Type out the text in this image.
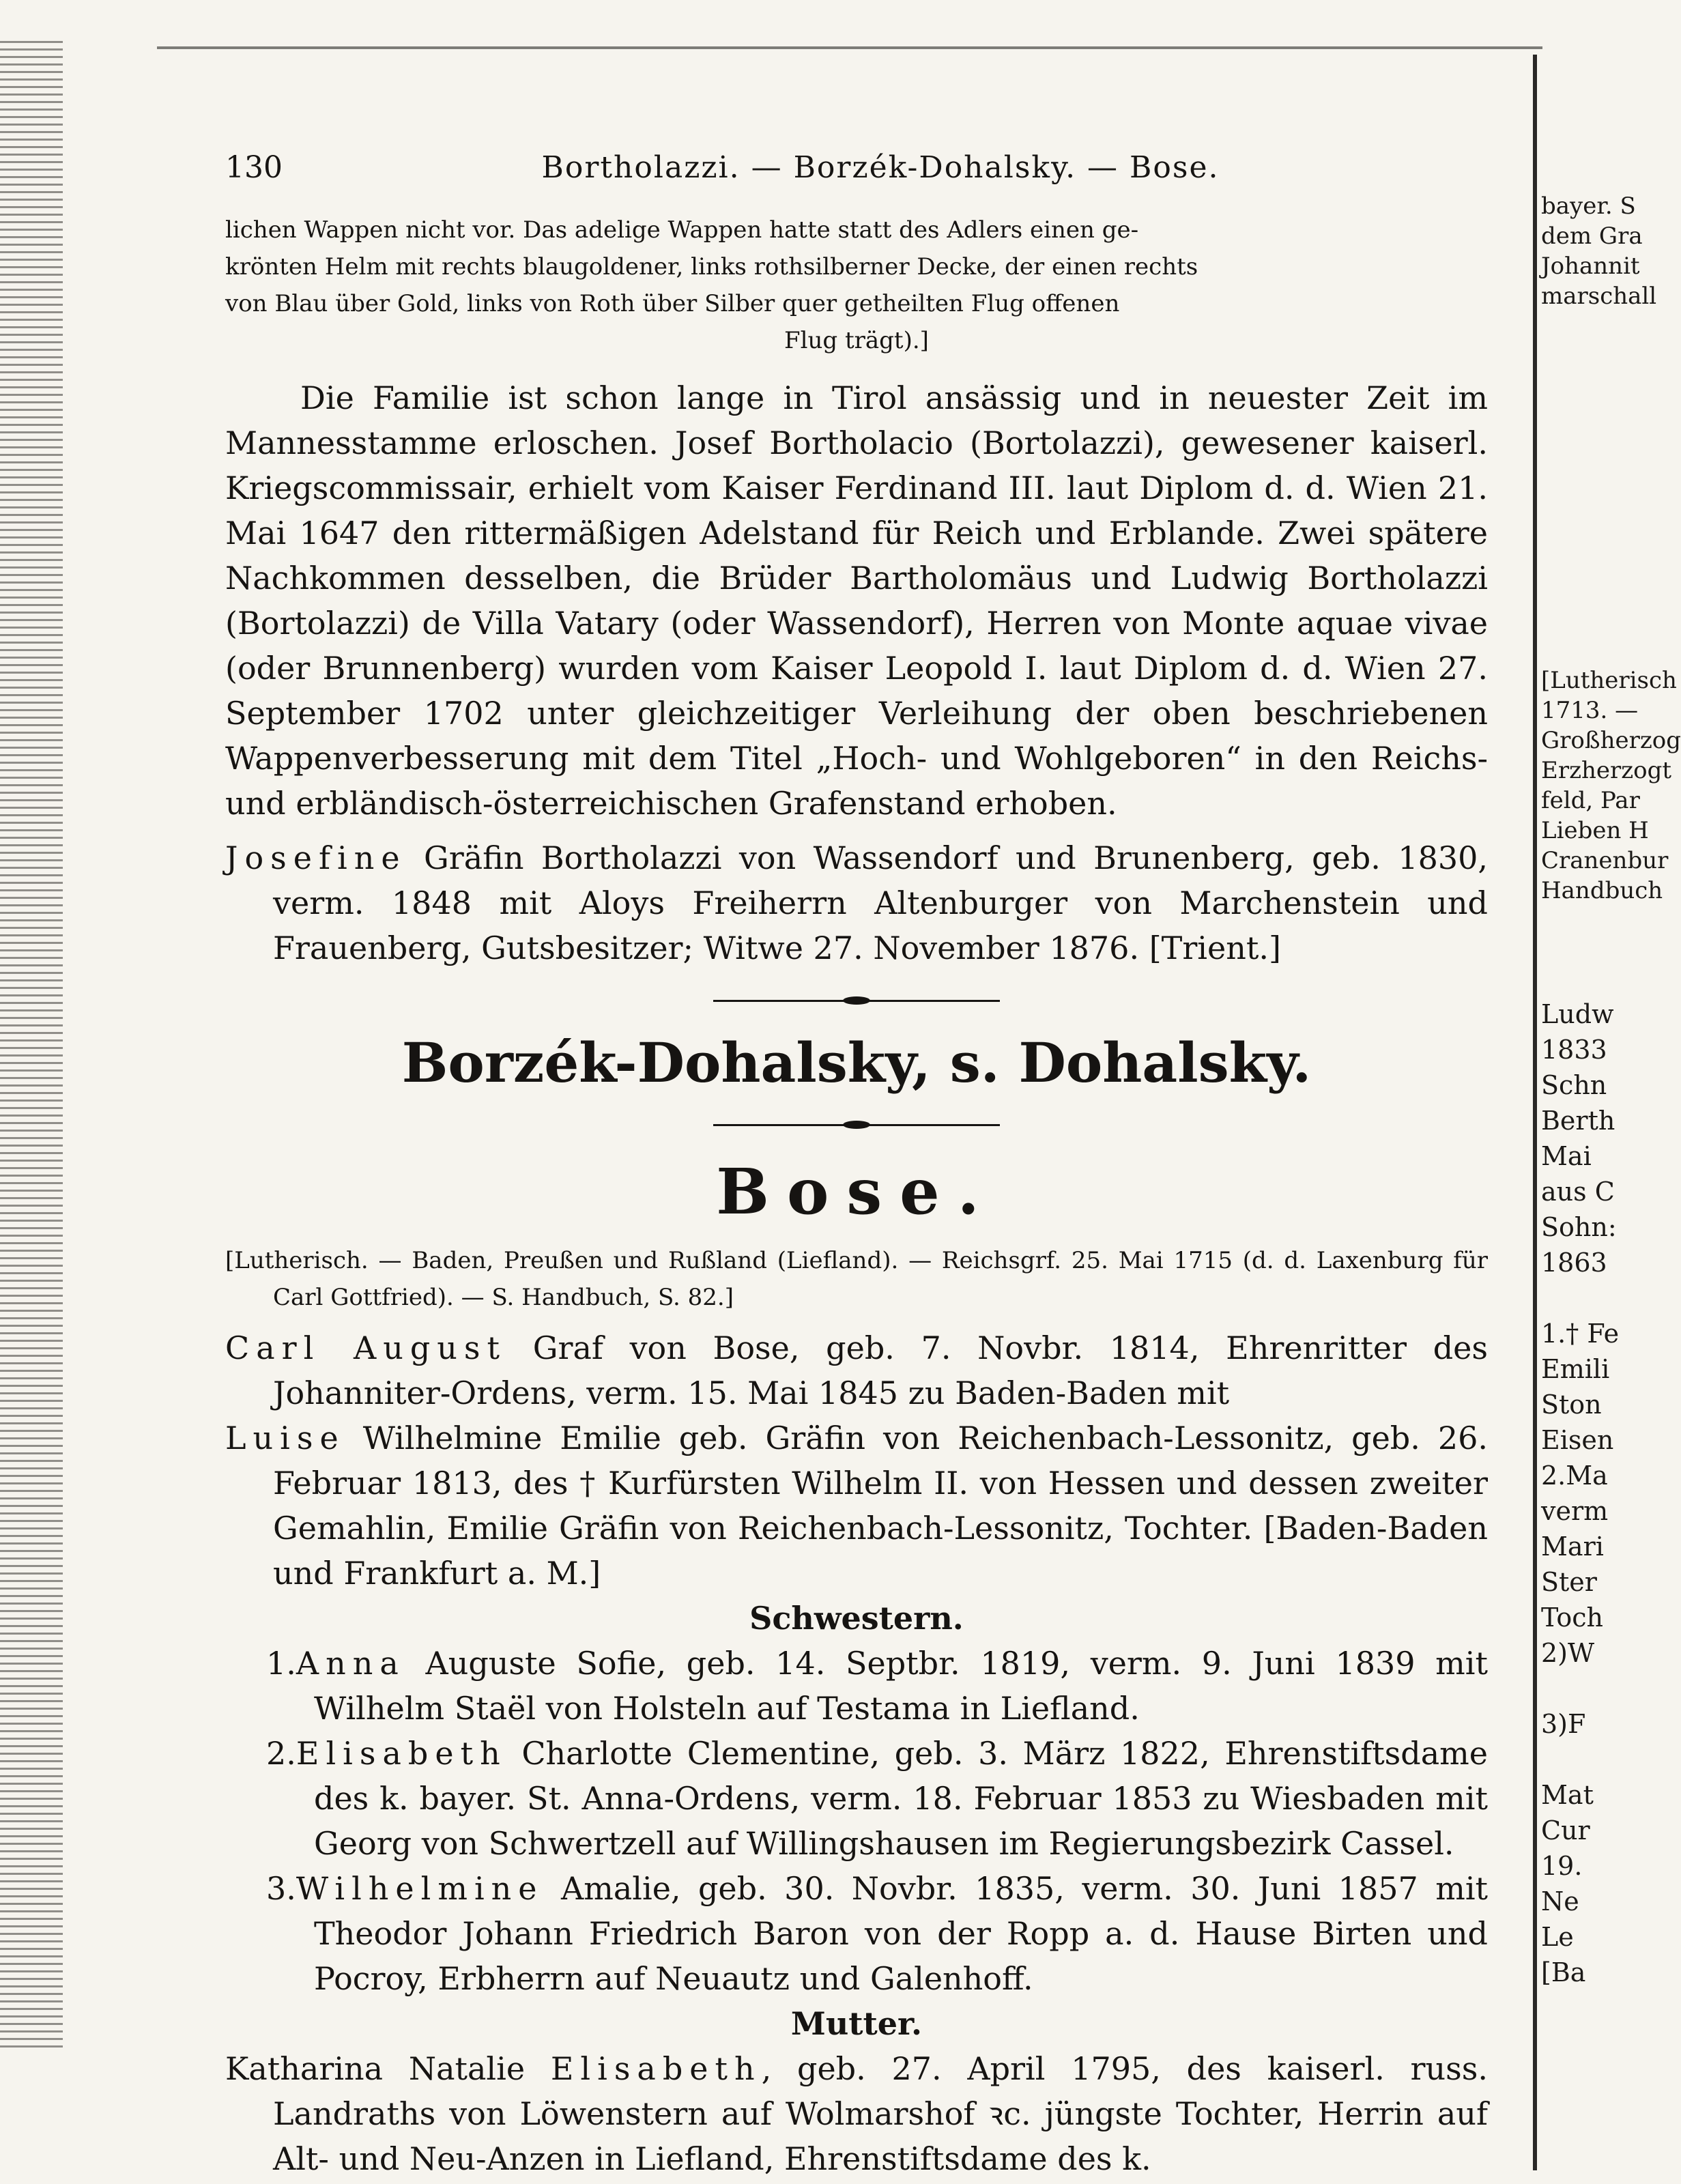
130	Bortholazzi. — Borzék-Dohalsky. — Bose.
lichen Wappen nicht vor. Das adelige Wappen hatte statt des Adlers einen ge-
krönten Helm mit rechts blaugoldener, links rothsilberner Decke, der einen rechts
von Blau über Gold, links von Roth über Silber quer getheilten Flug offenen
Flug trägt).]

Die Familie ist schon lange in Tirol ansässig und in neuester Zeit im Mannesstamme erloschen. Josef Bortholacio (Bortolazzi), gewesener kaiserl. Kriegscommissair, erhielt vom Kaiser Ferdinand III. laut Diplom d. d. Wien 21. Mai 1647 den rittermäßigen Adelstand für Reich und Erblande. Zwei spätere Nachkommen desselben, die Brüder Bartholomäus und Ludwig Bortholazzi (Bortolazzi) de Villa Vatary (oder Wassendorf), Herren von Monte aquae vivae (oder Brunnenberg) wurden vom Kaiser Leopold I. laut Diplom d. d. Wien 27. September 1702 unter gleichzeitiger Verleihung der oben beschriebenen Wappenverbesserung mit dem Titel „Hoch- und Wohlgeboren“ in den Reichs- und erbländisch-österreichischen Grafenstand erhoben.

Josefine Gräfin Bortholazzi von Wassendorf und Brunenberg, geb. 1830, verm. 1848 mit Aloys Freiherrn Altenburger von Marchenstein und Frauenberg, Gutsbesitzer; Witwe 27. November 1876. [Trient.]

Borzék-Dohalsky, s. Dohalsky.
Bose.

[Lutherisch. — Baden, Preußen und Rußland (Liefland). — Reichsgrf. 25. Mai 1715 (d. d. Laxenburg für Carl Gottfried). — S. Handbuch, S. 82.]

Carl August Graf von Bose, geb. 7. Novbr. 1814, Ehrenritter des Johanniter-Ordens, verm. 15. Mai 1845 zu Baden-Baden mit

Luise Wilhelmine Emilie geb. Gräfin von Reichenbach-Lessonitz, geb. 26. Februar 1813, des † Kurfürsten Wilhelm II. von Hessen und dessen zweiter Gemahlin, Emilie Gräfin von Reichenbach-Lessonitz, Tochter. [Baden-Baden und Frankfurt a. M.]

Schwestern.

1.Anna Auguste Sofie, geb. 14. Septbr. 1819, verm. 9. Juni 1839 mit Wilhelm Staël von Holsteln auf Testama in Liefland.

2.Elisabeth Charlotte Clementine, geb. 3. März 1822, Ehrenstiftsdame des k. bayer. St. Anna-Ordens, verm. 18. Februar 1853 zu Wiesbaden mit Georg von Schwertzell auf Willingshausen im Regierungsbezirk Cassel.

3.Wilhelmine Amalie, geb. 30. Novbr. 1835, verm. 30. Juni 1857 mit Theodor Johann Friedrich Baron von der Ropp a. d. Hause Birten und Pocroy, Erbherrn auf Neuautz und Galenhoff.

Mutter.

Katharina Natalie Elisabeth, geb. 27. April 1795, des kaiserl. russ. Landraths von Löwenstern auf Wolmarshof ꝛc. jüngste Tochter, Herrin auf Alt- und Neu-Anzen in Liefland, Ehrenstiftsdame des k.

bayer. S
dem Gra
Johannit
marschall
[Lutherisch
1713. —
Großherzog
Erzherzogt
feld, Par
Lieben H
Cranenbur
Handbuch
Ludw
1833
Schn
Berth
Mai
aus C
Sohn:
1863
1.† Fe
Emili
Ston
Eisen
2.Ma
verm
Mari
Ster
Toch
2)W
3)F
Mat
Cur
19.
Ne
Le
[Ba
